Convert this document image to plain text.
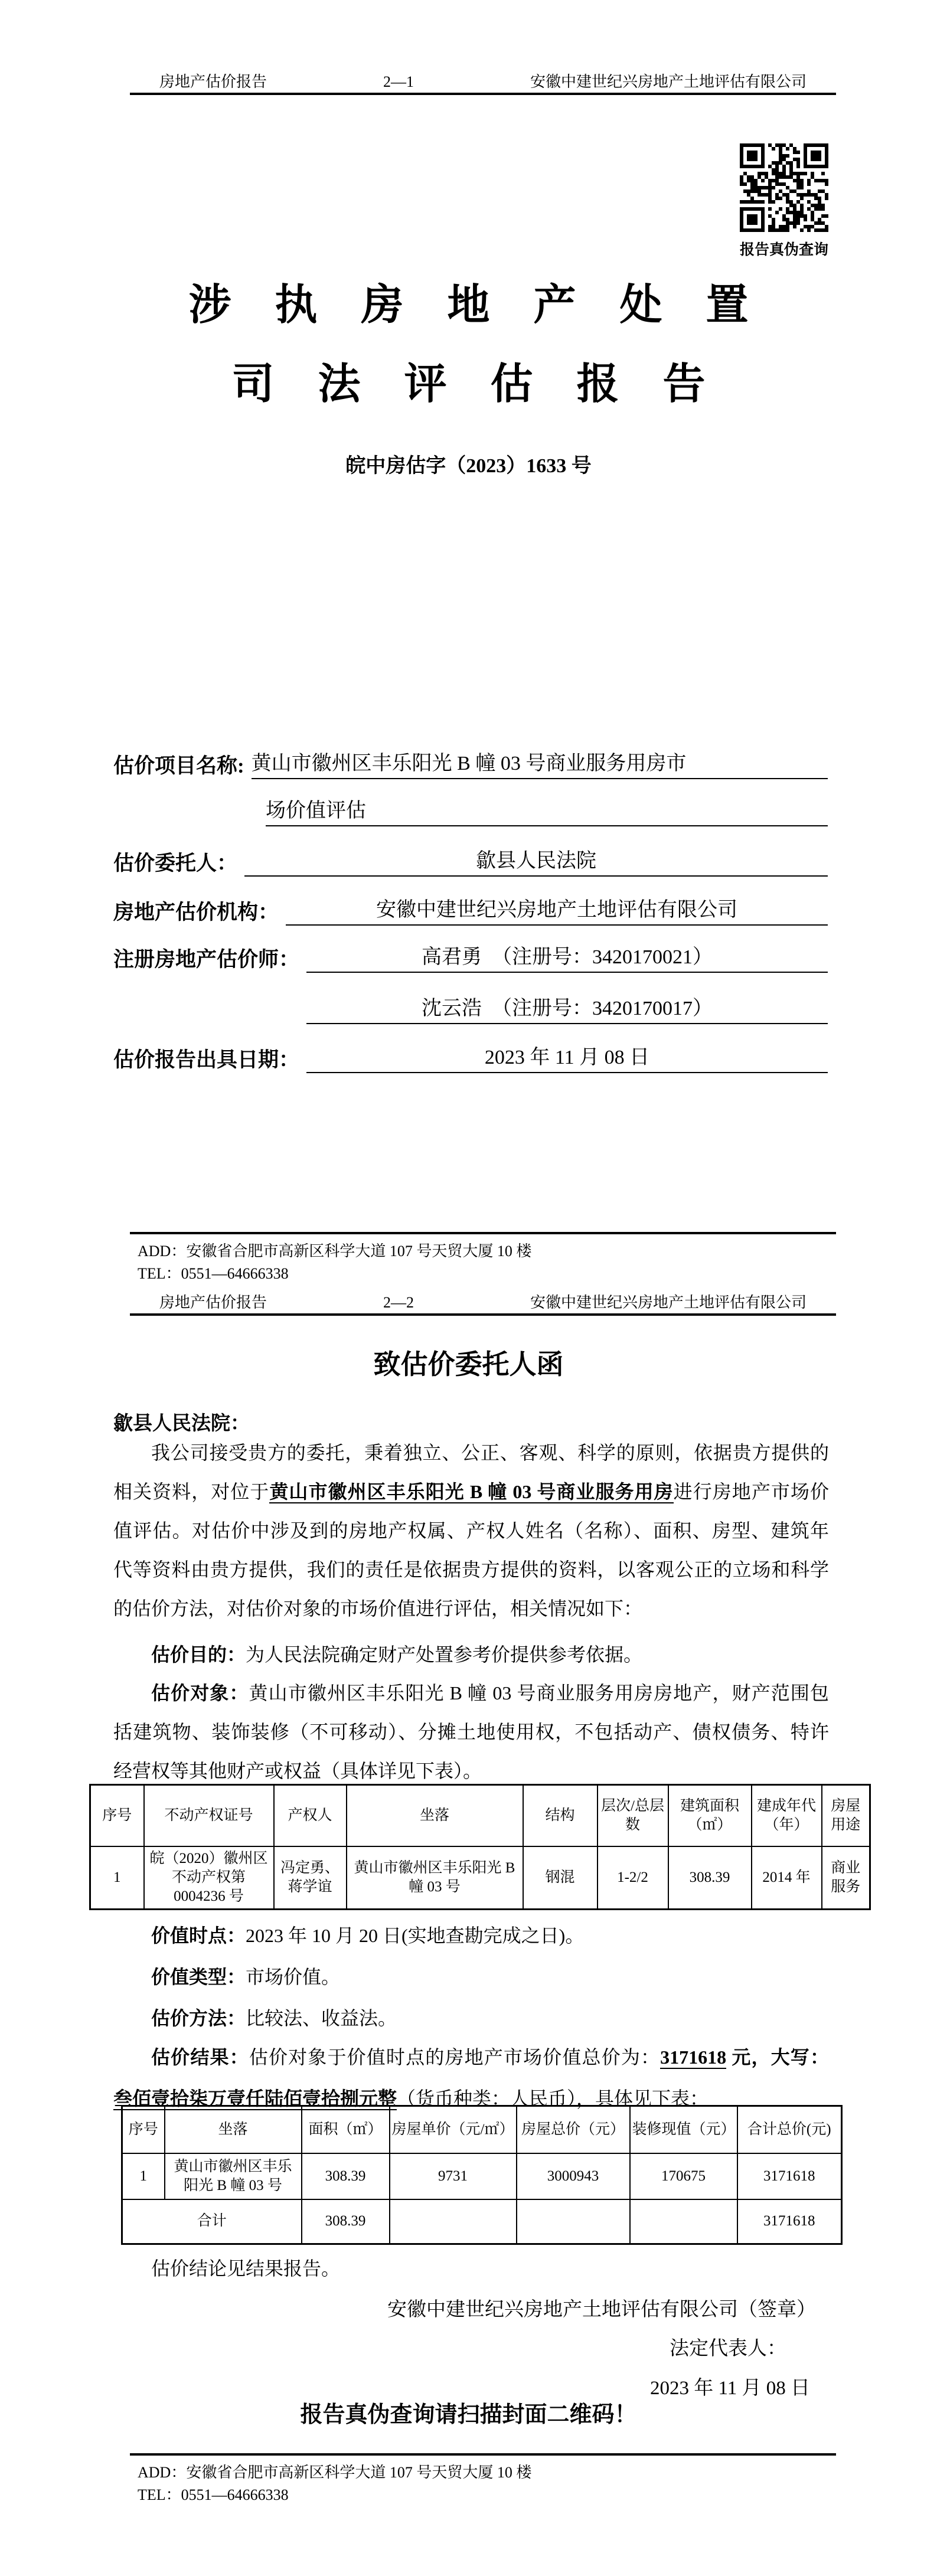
房地产估价报告	2—1	安徽中建世纪兴房地产土地评估有限公司
报告真伪查询
涉 执 房 地 产 处 置
司 法 评 估 报 告
皖中房估字（2023）1633 号
估价项目名称: 黄山市徽州区丰乐阳光 B 幢 03 号商业服务用房市
场价值评估
估价委托人：	歙县人民法院
房地产估价机构：	安徽中建世纪兴房地产土地评估有限公司
注册房地产估价师：	高君勇　（注册号：3420170021）
沈云浩　（注册号：3420170017）
估价报告出具日期：	2023 年 11 月 08 日
ADD：安徽省合肥市高新区科学大道 107 号天贸大厦 10 楼
TEL：0551—64666338
房地产估价报告	2—2	安徽中建世纪兴房地产土地评估有限公司
致估价委托人函
歙县人民法院：
我公司接受贵方的委托，秉着独立、公正、客观、科学的原则，依据贵方提供的
相关资料，对位于黄山市徽州区丰乐阳光 B 幢 03 号商业服务用房进行房地产市场价
值评估。对估价中涉及到的房地产权属、产权人姓名（名称）、面积、房型、建筑年
代等资料由贵方提供，我们的责任是依据贵方提供的资料，以客观公正的立场和科学
的估价方法，对估价对象的市场价值进行评估，相关情况如下：
估价目的：为人民法院确定财产处置参考价提供参考依据。
估价对象：黄山市徽州区丰乐阳光 B 幢 03 号商业服务用房房地产，财产范围包
括建筑物、装饰装修（不可移动）、分摊土地使用权，不包括动产、债权债务、特许
经营权等其他财产或权益（具体详见下表）。
序号	不动产权证号	产权人	坐落	结构	层次/总层数	建筑面积（㎡）	建成年代（年）	房屋用途
1	皖（2020）徽州区不动产权第0004236 号	冯定勇、蒋学谊	黄山市徽州区丰乐阳光 B 幢 03 号	钢混	1-2/2	308.39	2014 年	商业服务
价值时点：2023 年 10 月 20 日(实地查勘完成之日)。
价值类型：市场价值。
估价方法：比较法、收益法。
估价结果：估价对象于价值时点的房地产市场价值总价为：3171618 元，大写：
叁佰壹拾柒万壹仟陆佰壹拾捌元整（货币种类：人民币），具体见下表：
序号	坐落	面积（㎡）	房屋单价（元/㎡）	房屋总价（元）	装修现值（元）	合计总价(元)
1	黄山市徽州区丰乐阳光 B 幢 03 号	308.39	9731	3000943	170675	3171618
合计		308.39				3171618
估价结论见结果报告。
安徽中建世纪兴房地产土地评估有限公司（签章）
法定代表人：
2023 年 11 月 08 日
报告真伪查询请扫描封面二维码！
ADD：安徽省合肥市高新区科学大道 107 号天贸大厦 10 楼
TEL：0551—64666338
